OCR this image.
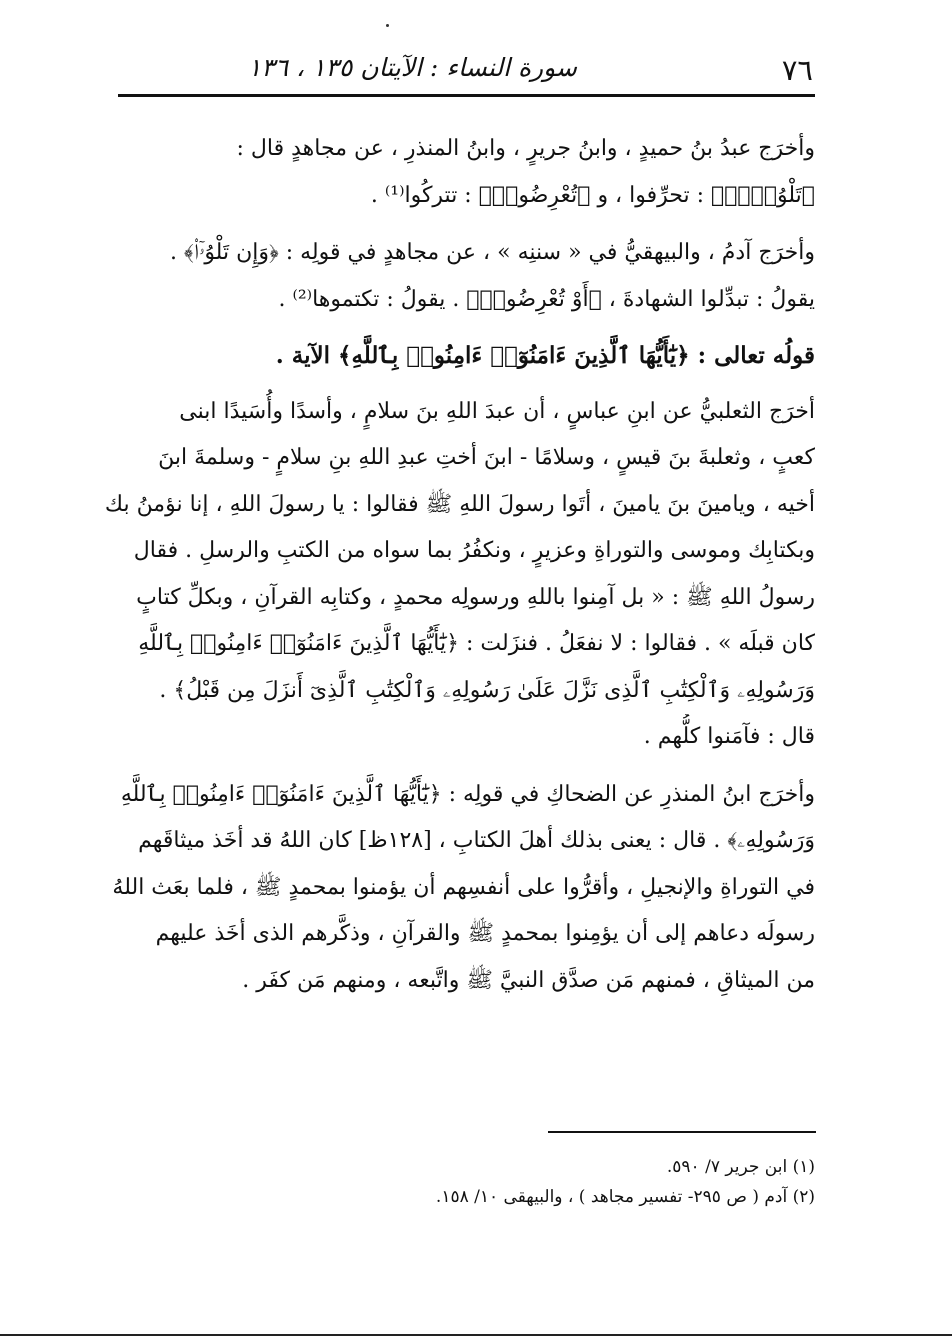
٧٦
سورة النساء : الآيتان ١٣٥ ، ١٣٦

وأخرَج عبدُ بنُ حميدٍ ، وابنُ جريرٍ ، وابنُ المنذرِ ، عن مجاهدٍ قال :
﴿تَلْوُۥٓا۟﴾ : تحرِّفوا ، و ﴿تُعْرِضُوا۟﴾ : تتركُوا⁽¹⁾ .

وأخرَج آدمُ ، والبيهقيُّ في « سننِه » ، عن مجاهدٍ في قولِه : ﴿وَإِن تَلْوُۥٓا۟﴾ .
يقولُ : تبدِّلوا الشهادةَ ، ﴿أَوْ تُعْرِضُوا۟﴾ . يقولُ : تكتموها⁽²⁾ .

قولُه تعالى : ﴿يَٰٓأَيُّهَا ٱلَّذِينَ ءَامَنُوٓا۟ ءَامِنُوا۟ بِٱللَّهِ﴾ الآية .

أخرَج الثعلبيُّ عن ابنِ عباسٍ ، أن عبدَ اللهِ بنَ سلامٍ ، وأسدًا وأُسَيدًا ابنى
كعبٍ ، وثعلبةَ بنَ قيسٍ ، وسلامًا - ابنَ أختِ عبدِ اللهِ بنِ سلامٍ - وسلمةَ ابنَ
أخيه ، ويامينَ بنَ يامينَ ، أتَوا رسولَ اللهِ ﷺ فقالوا : يا رسولَ اللهِ ، إنا نؤمنُ بك
وبكتابِك وموسى والتوراةِ وعزيرٍ ، ونكفُرُ بما سواه من الكتبِ والرسلِ . فقال
رسولُ اللهِ ﷺ : « بل آمِنوا باللهِ ورسولِه محمدٍ ، وكتابِه القرآنِ ، وبكلِّ كتابٍ
كان قبلَه » . فقالوا : لا نفعَلُ . فنزَلت : ﴿يَٰٓأَيُّهَا ٱلَّذِينَ ءَامَنُوٓا۟ ءَامِنُوا۟ بِٱللَّهِ
وَرَسُولِهِۦ وَٱلْكِتَٰبِ ٱلَّذِى نَزَّلَ عَلَىٰ رَسُولِهِۦ وَٱلْكِتَٰبِ ٱلَّذِىٓ أَنزَلَ مِن قَبْلُ﴾ .
قال : فآمَنوا كلُّهم .

وأخرَج ابنُ المنذرِ عن الضحاكِ في قولِه : ﴿يَٰٓأَيُّهَا ٱلَّذِينَ ءَامَنُوٓا۟ ءَامِنُوا۟ بِٱللَّهِ
وَرَسُولِهِۦ﴾ . قال : يعنى بذلك أهلَ الكتابِ ، [١٢٨ظ] كان اللهُ قد أخَذ ميثاقَهم
في التوراةِ والإنجيلِ ، وأقرُّوا على أنفسِهم أن يؤمنوا بمحمدٍ ﷺ ، فلما بعَث اللهُ
رسولَه دعاهم إلى أن يؤمِنوا بمحمدٍ ﷺ والقرآنِ ، وذكَّرهم الذى أخَذ عليهم
من الميثاقِ ، فمنهم مَن صدَّق النبيَّ ﷺ واتَّبعه ، ومنهم مَن كفَر .

(١) ابن جرير ٧/ ٥٩٠.
(٢) آدم ( ص ٢٩٥- تفسير مجاهد ) ، والبيهقى ١٠/ ١٥٨.
